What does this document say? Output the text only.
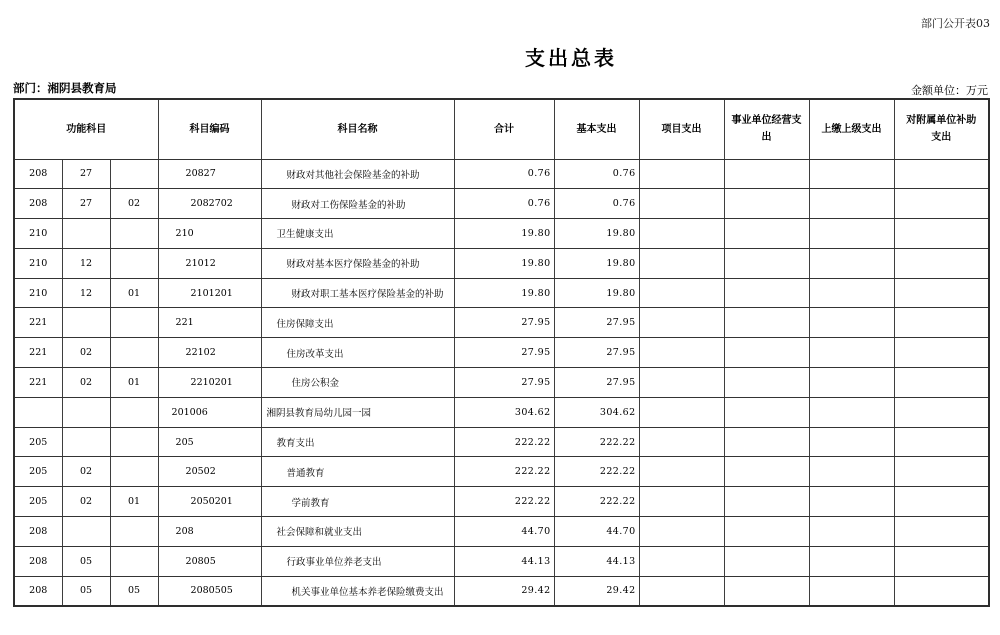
部门公开表03
支出总表
部门：湘阴县教育局	金额单位：万元
功能科目			科目编码	科目名称	合计	基本支出	项目支出	事业单位经营支出	上缴上级支出	对附属单位补助支出
208	27		20827	财政对其他社会保险基金的补助	0.76	0.76				
208	27	02	2082702	财政对工伤保险基金的补助	0.76	0.76				
210			210	卫生健康支出	19.80	19.80				
210	12		21012	财政对基本医疗保险基金的补助	19.80	19.80				
210	12	01	2101201	财政对职工基本医疗保险基金的补助	19.80	19.80				
221			221	住房保障支出	27.95	27.95				
221	02		22102	住房改革支出	27.95	27.95				
221	02	01	2210201	住房公积金	27.95	27.95				
			201006	湘阴县教育局幼儿园一园	304.62	304.62				
205			205	教育支出	222.22	222.22				
205	02		20502	普通教育	222.22	222.22				
205	02	01	2050201	学前教育	222.22	222.22				
208			208	社会保障和就业支出	44.70	44.70				
208	05		20805	行政事业单位养老支出	44.13	44.13				
208	05	05	2080505	机关事业单位基本养老保险缴费支出	29.42	29.42				
